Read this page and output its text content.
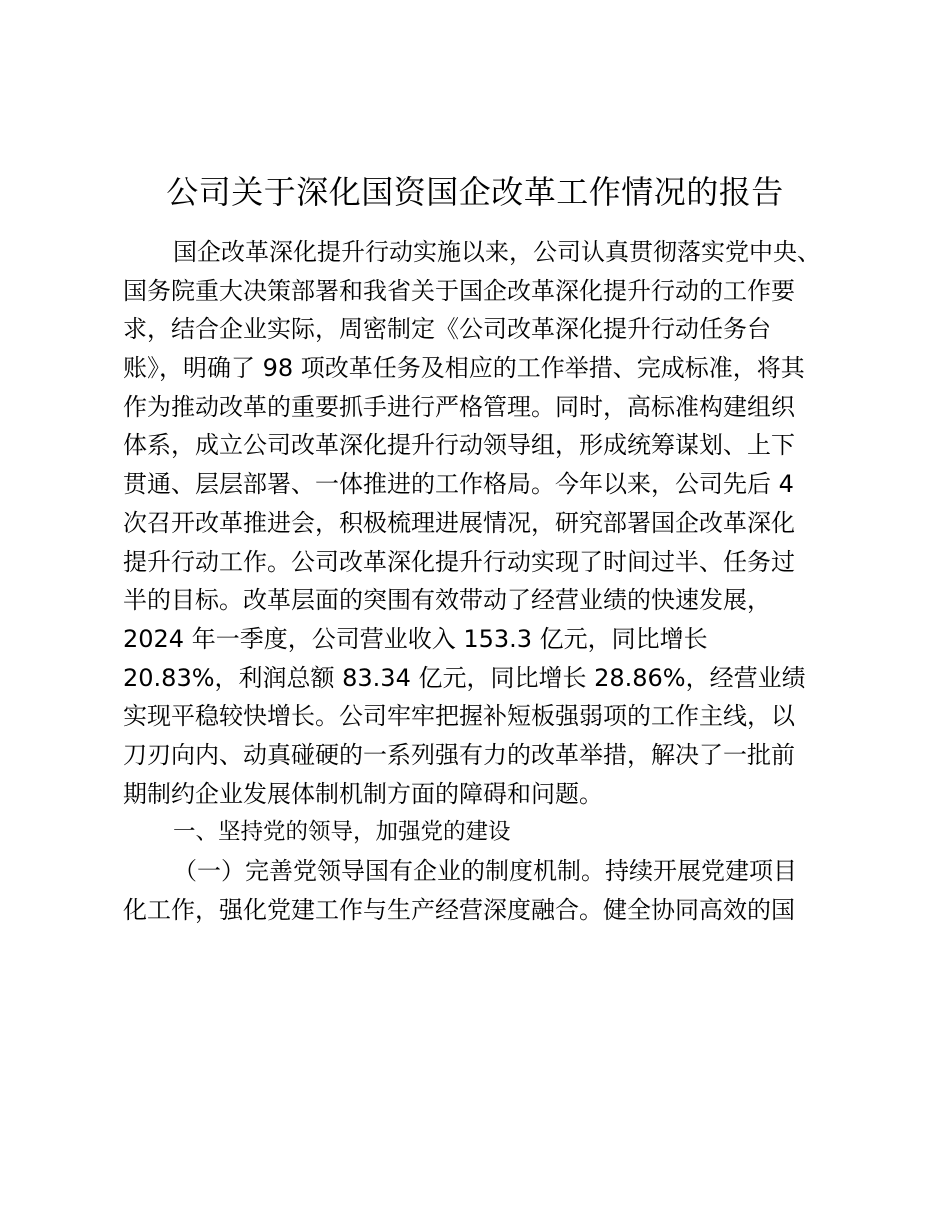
公司关于深化国资国企改革工作情况的报告
国企改革深化提升行动实施以来，公司认真贯彻落实党中央、
国务院重大决策部署和我省关于国企改革深化提升行动的工作要
求，结合企业实际，周密制定《公司改革深化提升行动任务台
账》，明确了 98 项改革任务及相应的工作举措、完成标准，将其
作为推动改革的重要抓手进行严格管理。同时，高标准构建组织
体系，成立公司改革深化提升行动领导组，形成统筹谋划、上下
贯通、层层部署、一体推进的工作格局。今年以来，公司先后 4
次召开改革推进会，积极梳理进展情况，研究部署国企改革深化
提升行动工作。公司改革深化提升行动实现了时间过半、任务过
半的目标。改革层面的突围有效带动了经营业绩的快速发展，
2024 年一季度，公司营业收入 153.3 亿元，同比增长
20.83%，利润总额 83.34 亿元，同比增长 28.86%，经营业绩
实现平稳较快增长。公司牢牢把握补短板强弱项的工作主线，以
刀刃向内、动真碰硬的一系列强有力的改革举措，解决了一批前
期制约企业发展体制机制方面的障碍和问题。
一、坚持党的领导，加强党的建设
（一）完善党领导国有企业的制度机制。持续开展党建项目
化工作，强化党建工作与生产经营深度融合。健全协同高效的国
